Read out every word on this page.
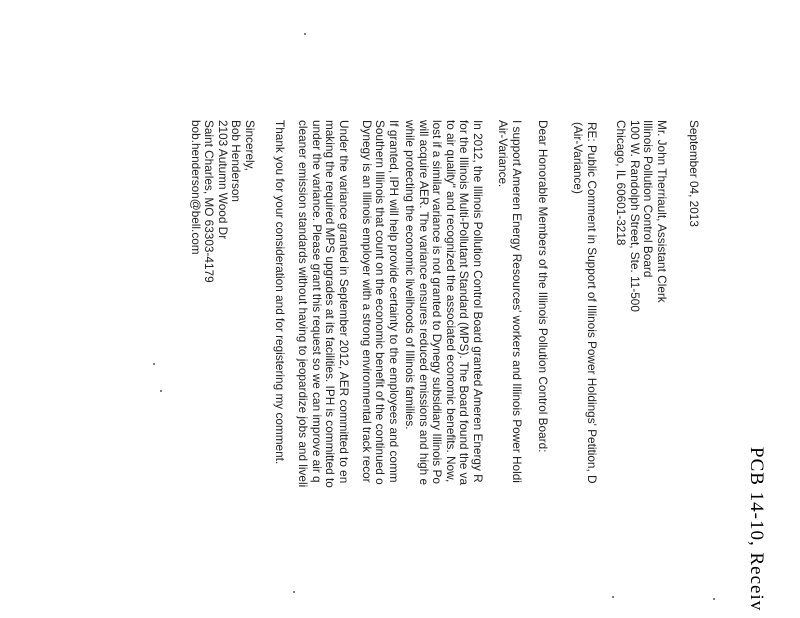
PCB 14-10, Receiv
September 04, 2013
Mr. John Therriault, Assistant Clerk
Illinois Pollution Control Board
100 W. Randolph Street, Ste. 11-500
Chicago, IL 60601-3218
RE: Public Comment in Support of Illinois Power Holdings' Petition, D
(Air-Variance)
Dear Honorable Members of the Illinois Pollution Control Board:
I support Ameren Energy Resources' workers and Illinois Power Holdi
Air-Variance.
In 2012, the Illinois Pollution Control Board granted Ameren Energy R
for the Illinois Multi-Pollutant Standard (MPS). The Board found the va
to air quality" and recognized the associated economic benefits. Now,
lost if a similar variance is not granted to Dynegy subsidiary Illinois Po
will acquire AER. The variance ensures reduced emissions and high e
while protecting the economic livelihoods of Illinois families.
If granted, IPH will help provide certainty to the employees and comm
Southern Illinois that count on the economic benefit of the continued o
Dynegy is an Illinois employer with a strong environmental track recor
Under the variance granted in September 2012, AER committed to en
making the required MPS upgrades at its facilities. IPH is committed to
under the variance. Please grant this request so we can improve air q
cleaner emission standards without having to jeopardize jobs and liveli
Thank you for your consideration and for registering my comment.
Sincerely,
Bob Henderson
2103 Autumn Wood Dr
Saint Charles, MO 63303-4179
bob.henderson@bell.com
